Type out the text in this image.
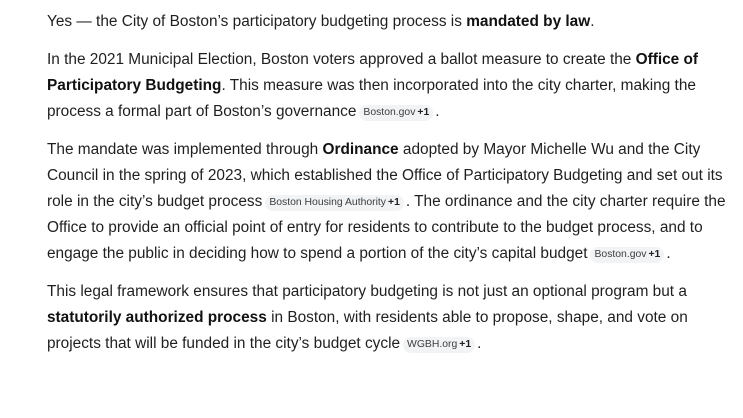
Yes — the City of Boston’s participatory budgeting process is mandated by law.

In the 2021 Municipal Election, Boston voters approved a ballot measure to create the Office of Participatory Budgeting. This measure was then incorporated into the city charter, making the process a formal part of Boston’s governance Boston.gov +1 .

The mandate was implemented through Ordinance adopted by Mayor Michelle Wu and the City Council in the spring of 2023, which established the Office of Participatory Budgeting and set out its role in the city’s budget process Boston Housing Authority +1 . The ordinance and the city charter require the Office to provide an official point of entry for residents to contribute to the budget process, and to engage the public in deciding how to spend a portion of the city’s capital budget Boston.gov +1 .

This legal framework ensures that participatory budgeting is not just an optional program but a statutorily authorized process in Boston, with residents able to propose, shape, and vote on projects that will be funded in the city’s budget cycle WGBH.org +1 .
